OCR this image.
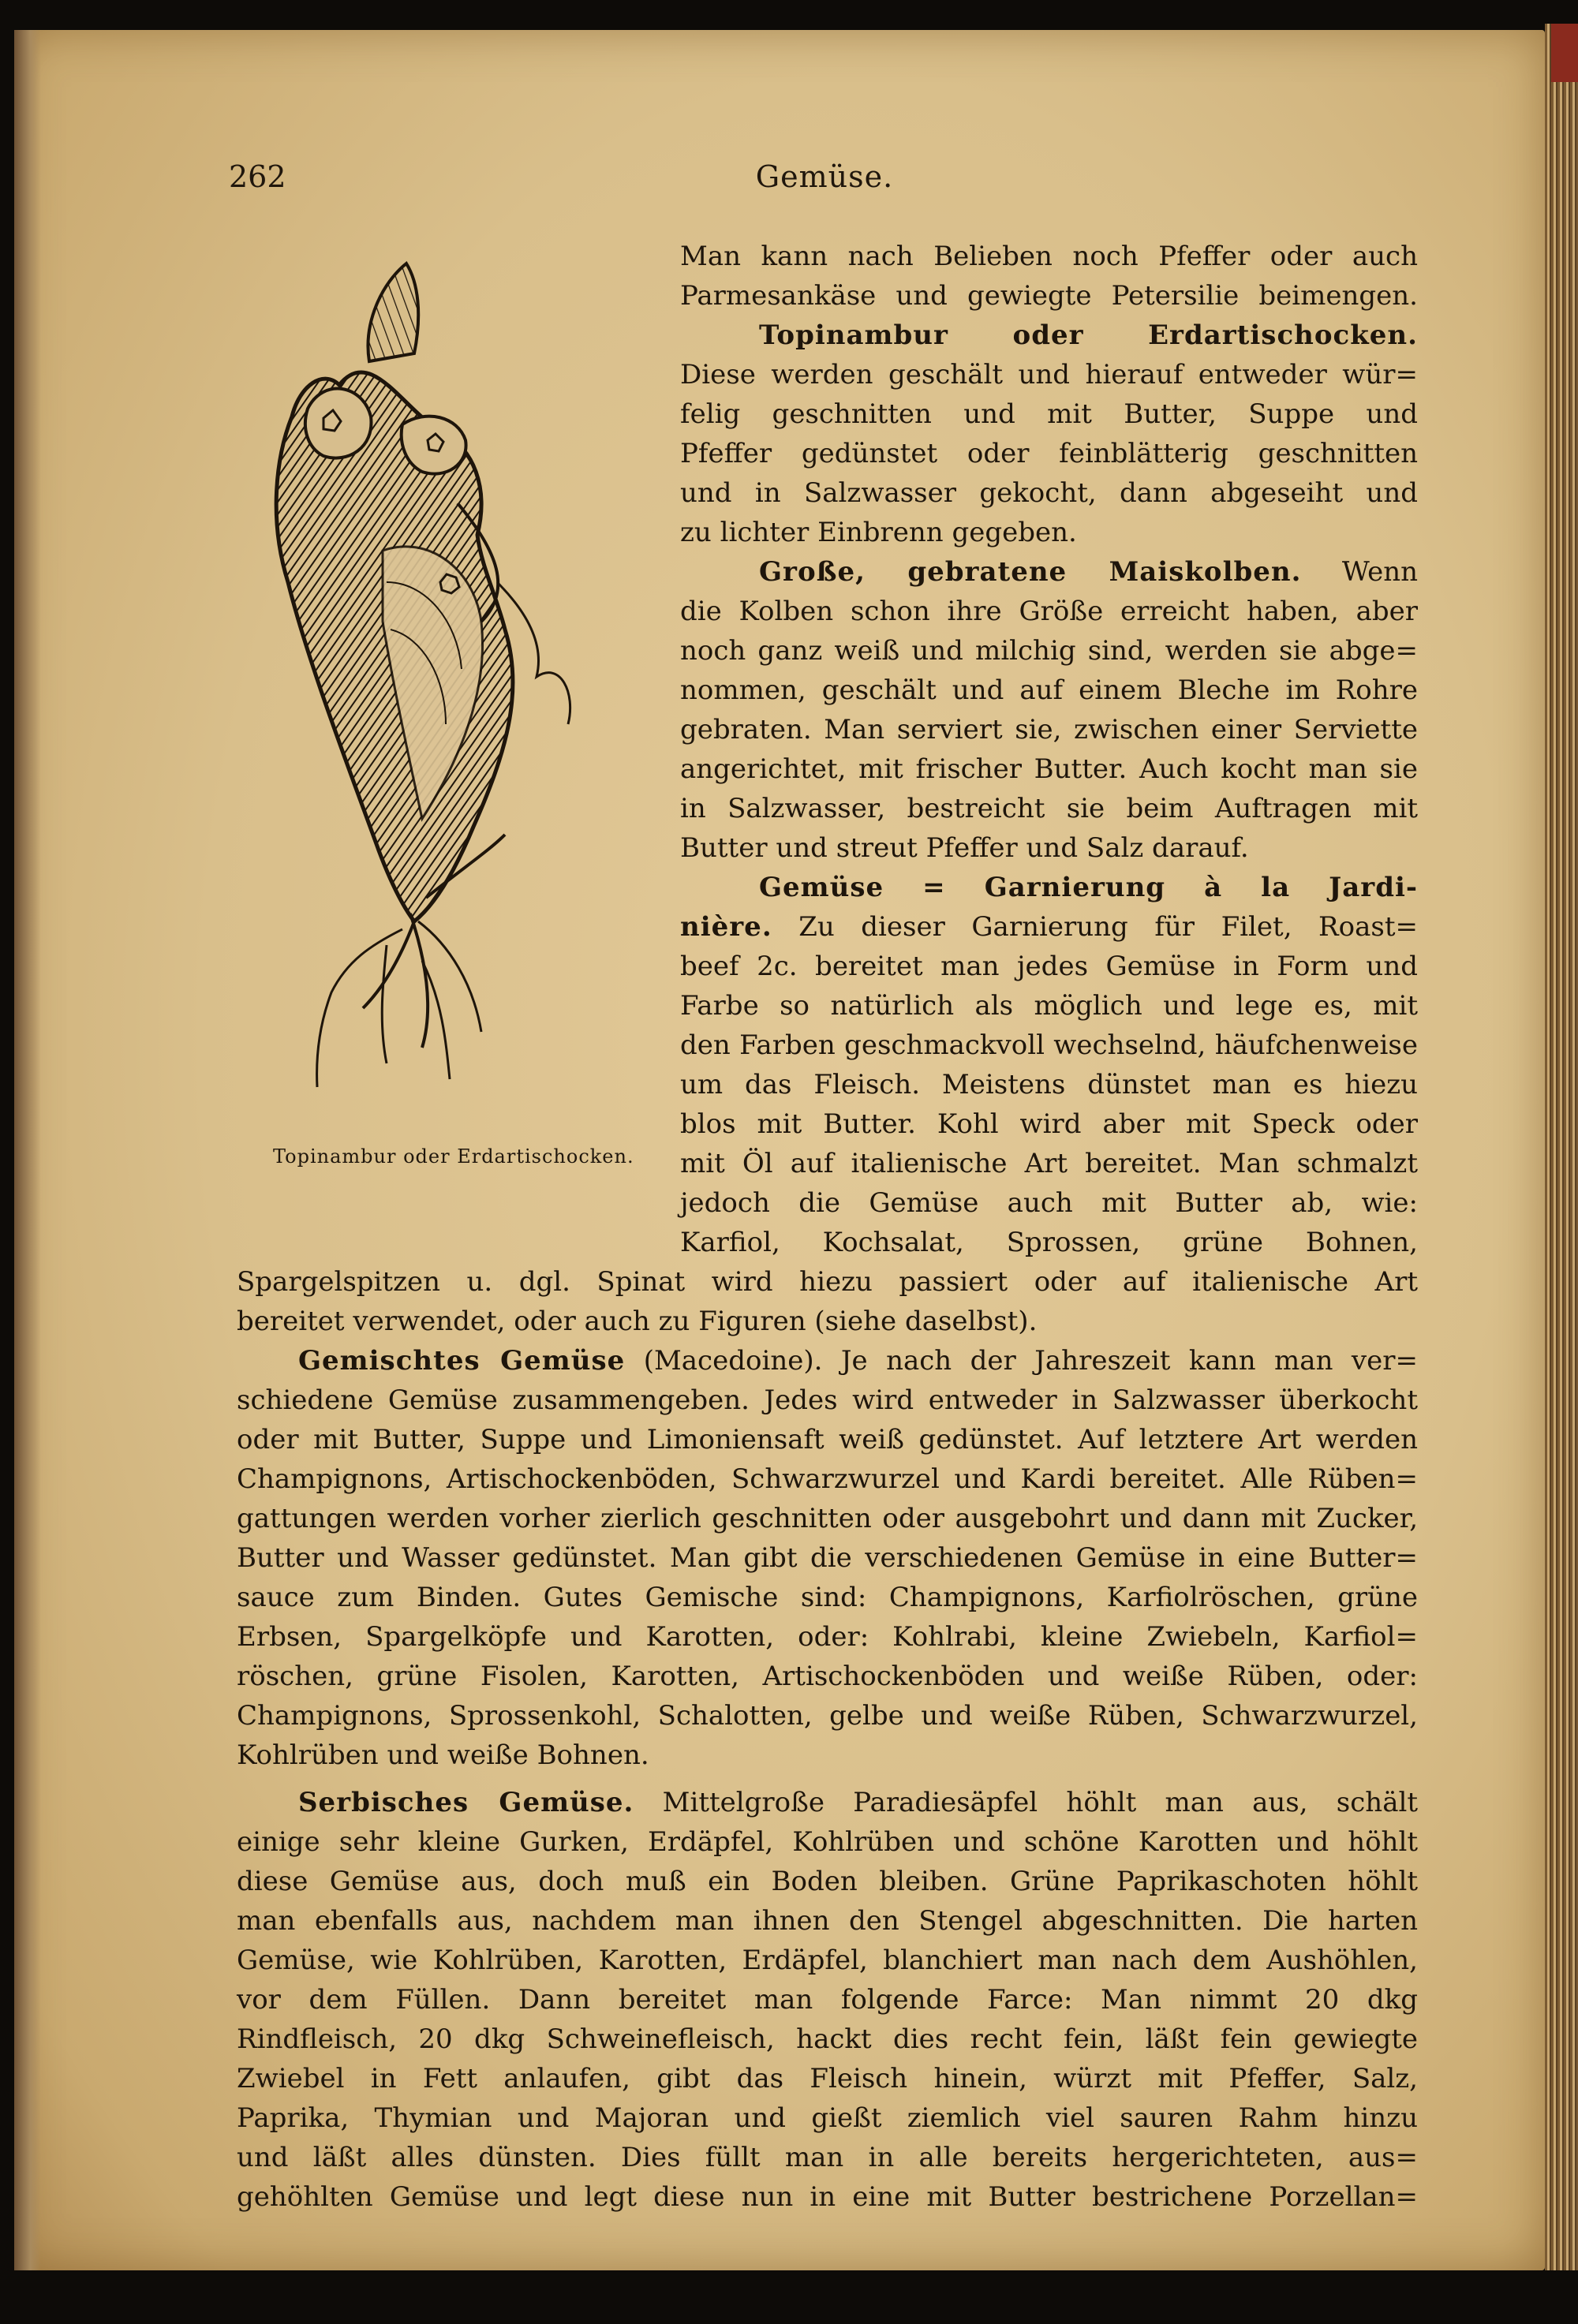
262	Gemüse.
Topinambur oder Erdartischocken.
Man kann nach Belieben noch Pfeffer oder auch
Parmesankäse und gewiegte Petersilie beimengen.
Topinambur oder Erdartischocken.
Diese werden geschält und hierauf entweder wür=
felig geschnitten und mit Butter, Suppe und
Pfeffer gedünstet oder feinblätterig geschnitten
und in Salzwasser gekocht, dann abgeseiht und
zu lichter Einbrenn gegeben.
Große, gebratene Maiskolben. Wenn
die Kolben schon ihre Größe erreicht haben, aber
noch ganz weiß und milchig sind, werden sie abge=
nommen, geschält und auf einem Bleche im Rohre
gebraten. Man serviert sie, zwischen einer Serviette
angerichtet, mit frischer Butter. Auch kocht man sie
in Salzwasser, bestreicht sie beim Auftragen mit
Butter und streut Pfeffer und Salz darauf.
Gemüse = Garnierung à la Jardi-
nière. Zu dieser Garnierung für Filet, Roast=
beef 2c. bereitet man jedes Gemüse in Form und
Farbe so natürlich als möglich und lege es, mit
den Farben geschmackvoll wechselnd, häufchenweise
um das Fleisch. Meistens dünstet man es hiezu
blos mit Butter. Kohl wird aber mit Speck oder
mit Öl auf italienische Art bereitet. Man schmalzt
jedoch die Gemüse auch mit Butter ab, wie:
Karfiol, Kochsalat, Sprossen, grüne Bohnen,
Spargelspitzen u. dgl. Spinat wird hiezu passiert oder auf italienische Art
bereitet verwendet, oder auch zu Figuren (siehe daselbst).
Gemischtes Gemüse (Macedoine). Je nach der Jahreszeit kann man ver=
schiedene Gemüse zusammengeben. Jedes wird entweder in Salzwasser überkocht
oder mit Butter, Suppe und Limoniensaft weiß gedünstet. Auf letztere Art werden
Champignons, Artischockenböden, Schwarzwurzel und Kardi bereitet. Alle Rüben=
gattungen werden vorher zierlich geschnitten oder ausgebohrt und dann mit Zucker,
Butter und Wasser gedünstet. Man gibt die verschiedenen Gemüse in eine Butter=
sauce zum Binden. Gutes Gemische sind: Champignons, Karfiolröschen, grüne
Erbsen, Spargelköpfe und Karotten, oder: Kohlrabi, kleine Zwiebeln, Karfiol=
röschen, grüne Fisolen, Karotten, Artischockenböden und weiße Rüben, oder:
Champignons, Sprossenkohl, Schalotten, gelbe und weiße Rüben, Schwarzwurzel,
Kohlrüben und weiße Bohnen.
Serbisches Gemüse. Mittelgroße Paradiesäpfel höhlt man aus, schält
einige sehr kleine Gurken, Erdäpfel, Kohlrüben und schöne Karotten und höhlt
diese Gemüse aus, doch muß ein Boden bleiben. Grüne Paprikaschoten höhlt
man ebenfalls aus, nachdem man ihnen den Stengel abgeschnitten. Die harten
Gemüse, wie Kohlrüben, Karotten, Erdäpfel, blanchiert man nach dem Aushöhlen,
vor dem Füllen. Dann bereitet man folgende Farce: Man nimmt 20 dkg
Rindfleisch, 20 dkg Schweinefleisch, hackt dies recht fein, läßt fein gewiegte
Zwiebel in Fett anlaufen, gibt das Fleisch hinein, würzt mit Pfeffer, Salz,
Paprika, Thymian und Majoran und gießt ziemlich viel sauren Rahm hinzu
und läßt alles dünsten. Dies füllt man in alle bereits hergerichteten, aus=
gehöhlten Gemüse und legt diese nun in eine mit Butter bestrichene Porzellan=
